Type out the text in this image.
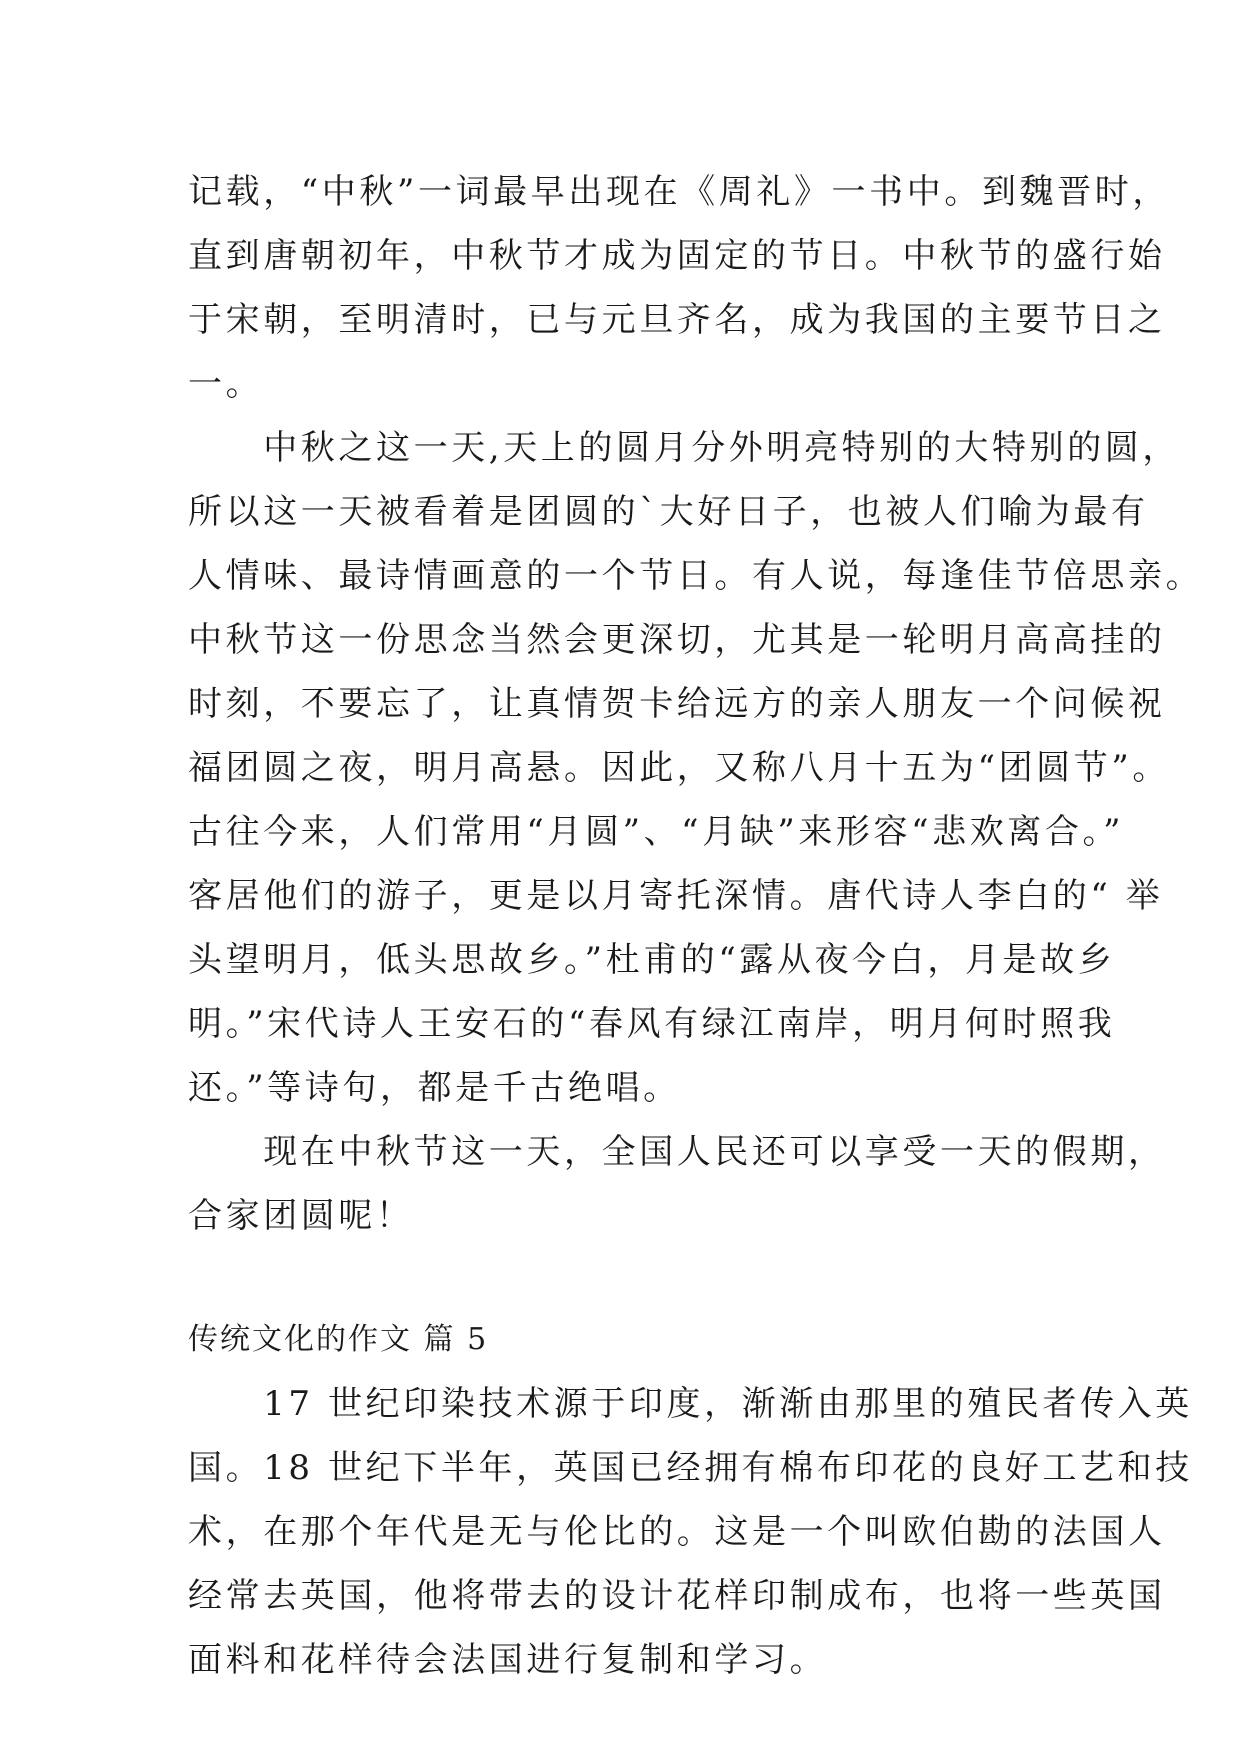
记载，“中秋”一词最早出现在《周礼》一书中。到魏晋时，
直到唐朝初年，中秋节才成为固定的节日。中秋节的盛行始
于宋朝，至明清时，已与元旦齐名，成为我国的主要节日之
一。
　　中秋之这一天,天上的圆月分外明亮特别的大特别的圆，
所以这一天被看着是团圆的`大好日子，也被人们喻为最有
人情味、最诗情画意的一个节日。有人说，每逢佳节倍思亲。
中秋节这一份思念当然会更深切，尤其是一轮明月高高挂的
时刻，不要忘了，让真情贺卡给远方的亲人朋友一个问候祝
福团圆之夜，明月高悬。因此，又称八月十五为“团圆节”。
古往今来，人们常用“月圆”、“月缺”来形容“悲欢离合。”
客居他们的游子，更是以月寄托深情。唐代诗人李白的“ 举
头望明月，低头思故乡。”杜甫的“露从夜今白，月是故乡
明。”宋代诗人王安石的“春风有绿江南岸，明月何时照我
还。”等诗句，都是千古绝唱。
　　现在中秋节这一天，全国人民还可以享受一天的假期，
合家团圆呢！
传统文化的作文 篇 5
　　17 世纪印染技术源于印度，渐渐由那里的殖民者传入英
国。18 世纪下半年，英国已经拥有棉布印花的良好工艺和技
术，在那个年代是无与伦比的。这是一个叫欧伯勘的法国人
经常去英国，他将带去的设计花样印制成布，也将一些英国
面料和花样待会法国进行复制和学习。
